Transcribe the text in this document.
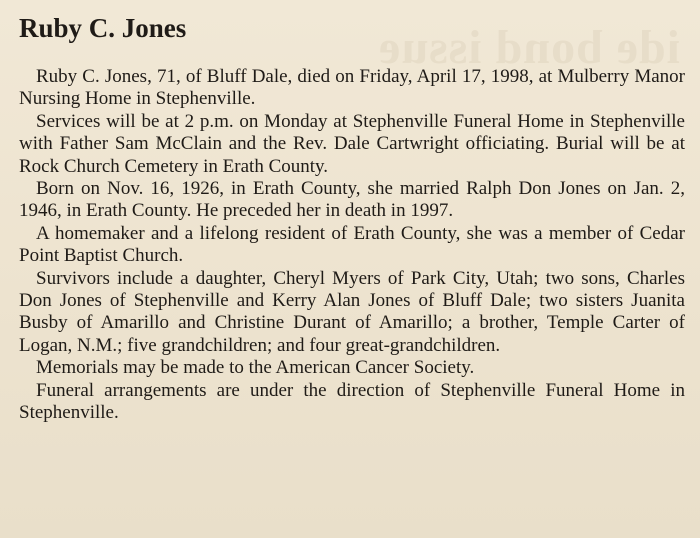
ide bond issue
Ruby C. Jones

Ruby C. Jones, 71, of Bluff Dale, died on Friday, April 17, 1998, at Mulberry Manor Nursing Home in Stephenville.

Services will be at 2 p.m. on Monday at Stephenville Funeral Home in Stephenville with Father Sam McClain and the Rev. Dale Cartwright officiating. Burial will be at Rock Church Cemetery in Erath County.

Born on Nov. 16, 1926, in Erath County, she married Ralph Don Jones on Jan. 2, 1946, in Erath County. He preceded her in death in 1997.

A homemaker and a lifelong resident of Erath County, she was a member of Cedar Point Baptist Church.

Survivors include a daughter, Cheryl Myers of Park City, Utah; two sons, Charles Don Jones of Stephenville and Kerry Alan Jones of Bluff Dale; two sisters Juanita Busby of Amarillo and Christine Durant of Amarillo; a brother, Temple Carter of Logan, N.M.; five grandchildren; and four great-grandchildren.

Memorials may be made to the American Cancer Society.

Funeral arrangements are under the direction of Stephenville Funeral Home in Stephenville.
